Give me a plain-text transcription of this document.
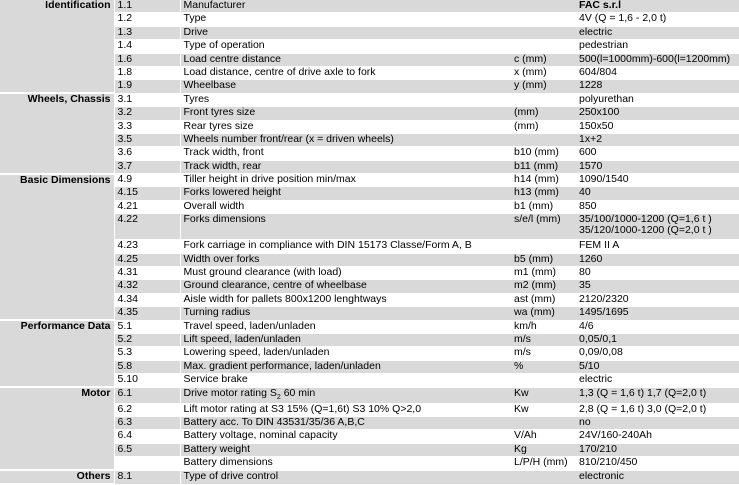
Identification	1.1	Manufacturer		FAC s.r.l
	1.2	Type		4V (Q = 1,6 - 2,0 t)
	1.3	Drive		electric
	1.4	Type of operation		pedestrian
	1.6	Load centre distance	c (mm)	500(l=1000mm)-600(l=1200mm)
	1.8	Load distance, centre of drive axle to fork	x (mm)	604/804
	1.9	Wheelbase	y (mm)	1228
Wheels, Chassis	3.1	Tyres		polyurethan
	3.2	Front tyres size	(mm)	250x100
	3.3	Rear tyres size	(mm)	150x50
	3.5	Wheels number front/rear (x = driven wheels)		1x+2
	3.6	Track width, front	b10 (mm)	600
	3.7	Track width, rear	b11 (mm)	1570
Basic Dimensions	4.9	Tiller height in drive position min/max	h14 (mm)	1090/1540
	4.15	Forks lowered height	h13 (mm)	40
	4.21	Overall width	b1 (mm)	850
	4.22	Forks dimensions	s/e/l (mm)	35/100/1000-1200 (Q=1,6 t )
35/120/1000-1200 (Q=2,0 t )

	4.23	Fork carriage in compliance with DIN 15173 Classe/Form A, B		FEM II A
	4.25	Width over forks	b5 (mm)	1260
	4.31	Must ground clearance (with load)	m1 (mm)	80
	4.32	Ground clearance, centre of wheelbase	m2 (mm)	35
	4.34	Aisle width for pallets 800x1200 lenghtways	ast (mm)	2120/2320
	4.35	Turning radius	wa (mm)	1495/1695
Performance Data	5.1	Travel speed, laden/unladen	km/h	4/6
	5.2	Lift speed, laden/unladen	m/s	0,05/0,1
	5.3	Lowering speed, laden/unladen	m/s	0,09/0,08
	5.8	Max. gradient performance, laden/unladen	%	5/10
	5.10	Service brake		electric
Motor	6.1	Drive motor rating $S_2$ 60 min	Kw	1,3 (Q = 1,6 t) 1,7 (Q=2,0 t)
	6.2	Lift motor rating at S3 15% (Q=1,6t) S3 10% Q>2,0	Kw	2,8 (Q = 1,6 t) 3,0 (Q=2,0 t)
	6.3	Battery acc. To DIN 43531/35/36 A,B,C		no
	6.4	Battery voltage, nominal capacity	V/Ah	24V/160-240Ah
	6.5	Battery weight	Kg	170/210
		Battery dimensions	L/P/H (mm)	810/210/450
Others	8.1	Type of drive control		electronic
